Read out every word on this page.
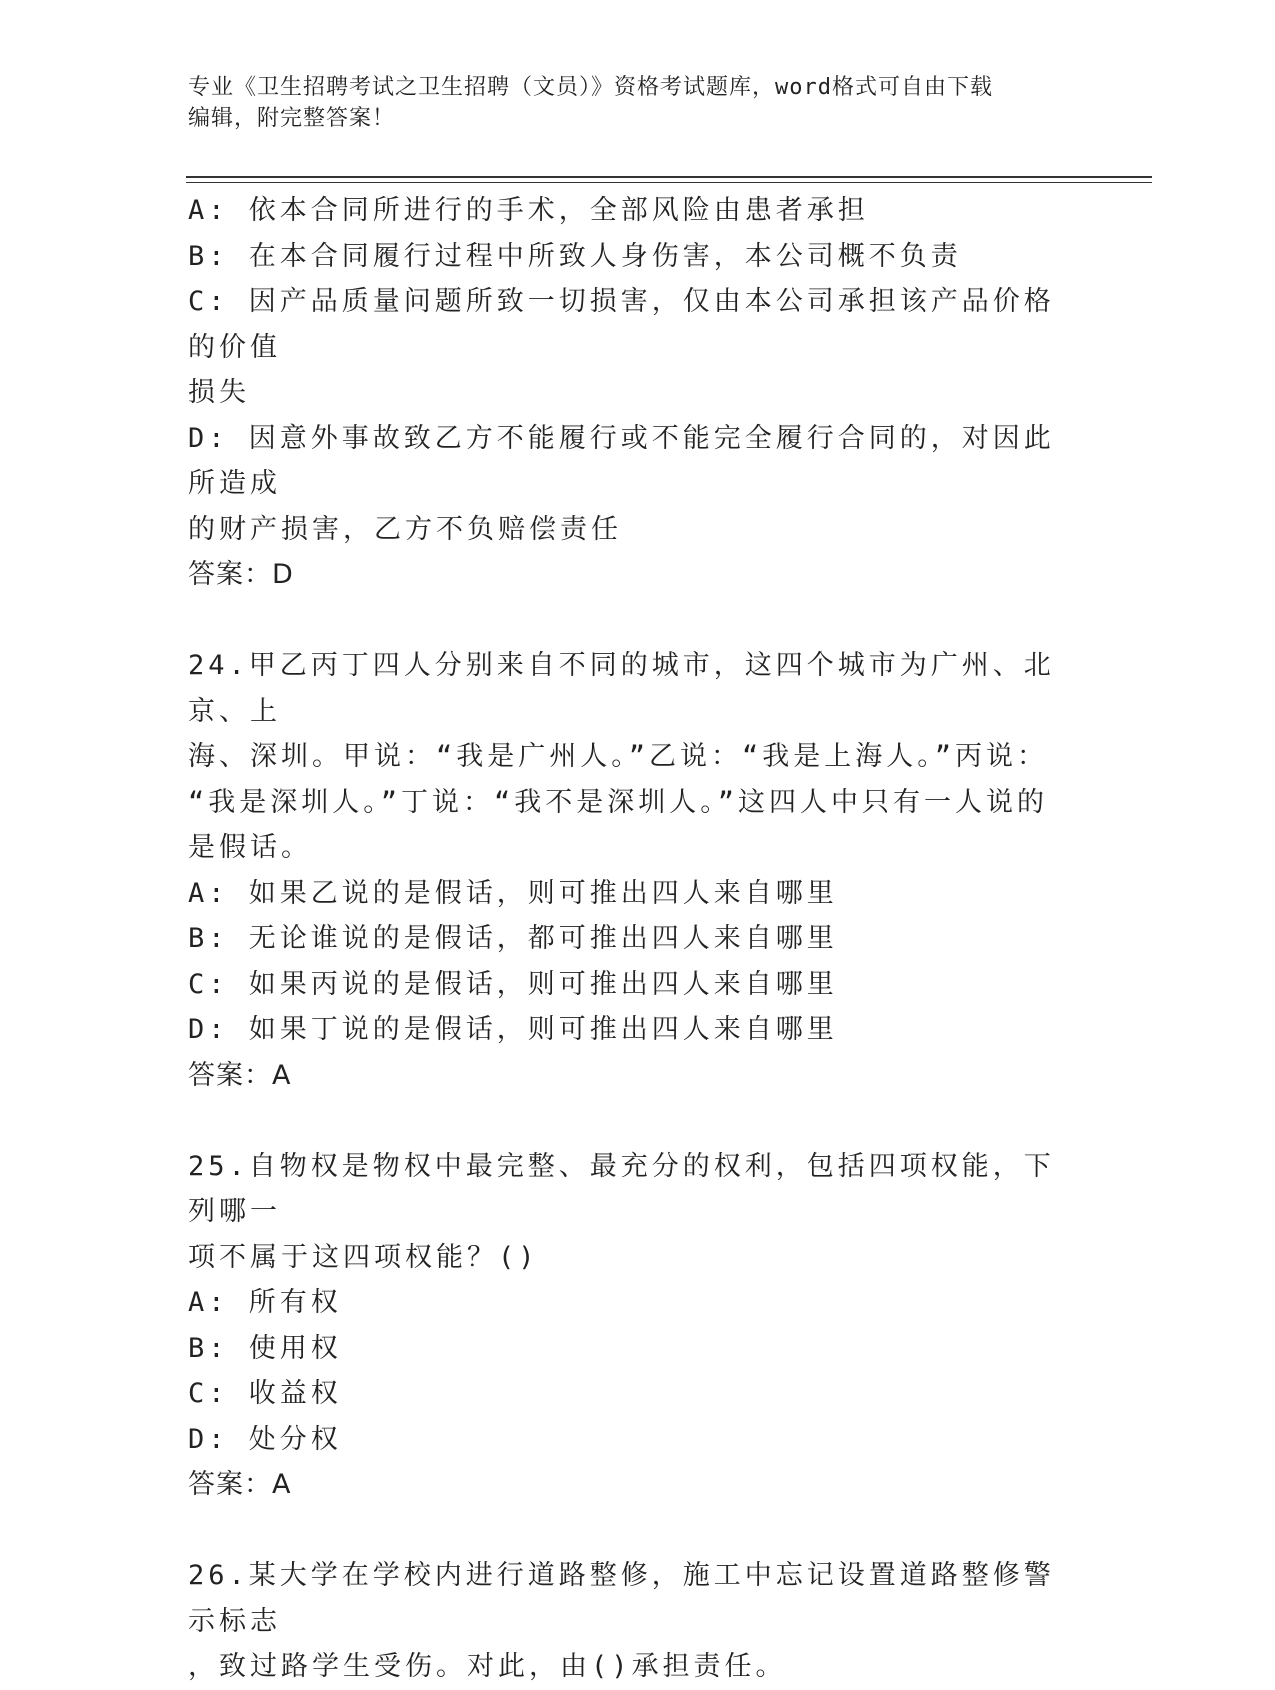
专业《卫生招聘考试之卫生招聘（文员）》资格考试题库，word格式可自由下载
编辑，附完整答案！
A: 依本合同所进行的手术，全部风险由患者承担
B: 在本合同履行过程中所致人身伤害，本公司概不负责
C: 因产品质量问题所致一切损害，仅由本公司承担该产品价格的价值
损失
D: 因意外事故致乙方不能履行或不能完全履行合同的，对因此所造成
的财产损害，乙方不负赔偿责任
答案：D
24.甲乙丙丁四人分别来自不同的城市，这四个城市为广州、北京、上
海、深圳。甲说：“我是广州人。”乙说：“我是上海人。”丙说：
“我是深圳人。”丁说：“我不是深圳人。”这四人中只有一人说的
是假话。
A: 如果乙说的是假话，则可推出四人来自哪里
B: 无论谁说的是假话，都可推出四人来自哪里
C: 如果丙说的是假话，则可推出四人来自哪里
D: 如果丁说的是假话，则可推出四人来自哪里
答案：A
25.自物权是物权中最完整、最充分的权利，包括四项权能，下列哪一
项不属于这四项权能？()
A: 所有权
B: 使用权
C: 收益权
D: 处分权
答案：A
26.某大学在学校内进行道路整修，施工中忘记设置道路整修警示标志
，致过路学生受伤。对此，由()承担责任。
